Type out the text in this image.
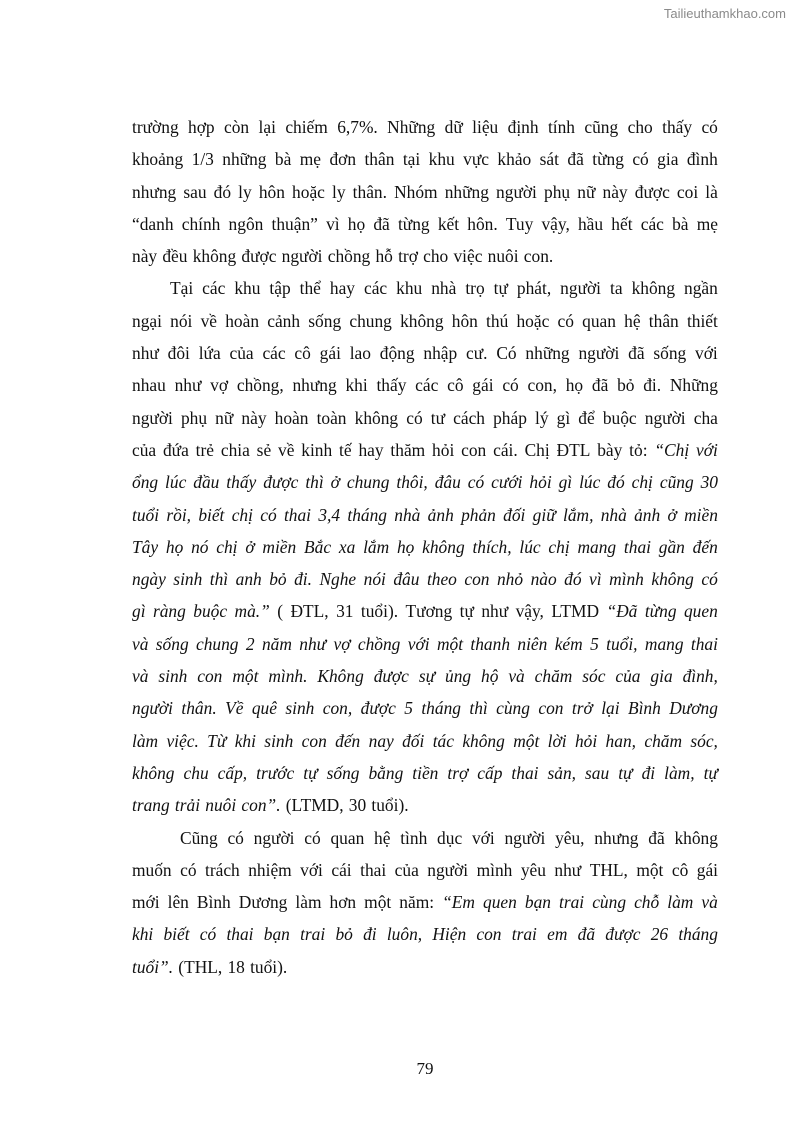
Tailieuthamkhao.com
trường hợp còn lại chiếm 6,7%. Những dữ liệu định tính cũng cho thấy có
khoảng 1/3 những bà mẹ đơn thân tại khu vực khảo sát đã từng có gia đình
nhưng sau đó ly hôn hoặc ly thân. Nhóm những người phụ nữ này được coi là
“danh chính ngôn thuận” vì họ đã từng kết hôn. Tuy vậy, hầu hết các bà mẹ
này đều không được người chồng hỗ trợ cho việc nuôi con.
Tại các khu tập thể hay các khu nhà trọ tự phát, người ta không ngần
ngại nói về hoàn cảnh sống chung không hôn thú hoặc có quan hệ thân thiết
như đôi lứa của các cô gái lao động nhập cư. Có những người đã sống với
nhau như vợ chồng, nhưng khi thấy các cô gái có con, họ đã bỏ đi. Những
người phụ nữ này hoàn toàn không có tư cách pháp lý gì để buộc người cha
của đứa trẻ chia sẻ về kinh tế hay thăm hỏi con cái. Chị ĐTL bày tỏ: “Chị với
ổng lúc đầu thấy được thì ở chung thôi, đâu có cưới hỏi gì lúc đó chị cũng 30
tuổi rồi, biết chị có thai 3,4 tháng nhà ảnh phản đối giữ lắm, nhà ảnh ở miền
Tây họ nó chị ở miền Bắc xa lắm họ không thích, lúc chị mang thai gần đến
ngày sinh thì anh bỏ đi. Nghe nói đâu theo con nhỏ nào đó vì mình không có
gì ràng buộc mà.” ( ĐTL, 31 tuổi). Tương tự như vậy, LTMD “Đã từng quen
và sống chung 2 năm như vợ chồng với một thanh niên kém 5 tuổi, mang thai
và sinh con một mình. Không được sự ủng hộ và chăm sóc của gia đình,
người thân. Về quê sinh con, được 5 tháng thì cùng con trở lại Bình Dương
làm việc. Từ khi sinh con đến nay đối tác không một lời hỏi han, chăm sóc,
không chu cấp, trước tự sống bằng tiền trợ cấp thai sản, sau tự đi làm, tự
trang trải nuôi con”. (LTMD, 30 tuổi).
Cũng có người có quan hệ tình dục với người yêu, nhưng đã không
muốn có trách nhiệm với cái thai của người mình yêu như THL, một cô gái
mới lên Bình Dương làm hơn một năm: “Em quen bạn trai cùng chỗ làm và
khi biết có thai bạn trai bỏ đi luôn, Hiện con trai em đã được 26 tháng
tuổi”. (THL, 18 tuổi).
79
